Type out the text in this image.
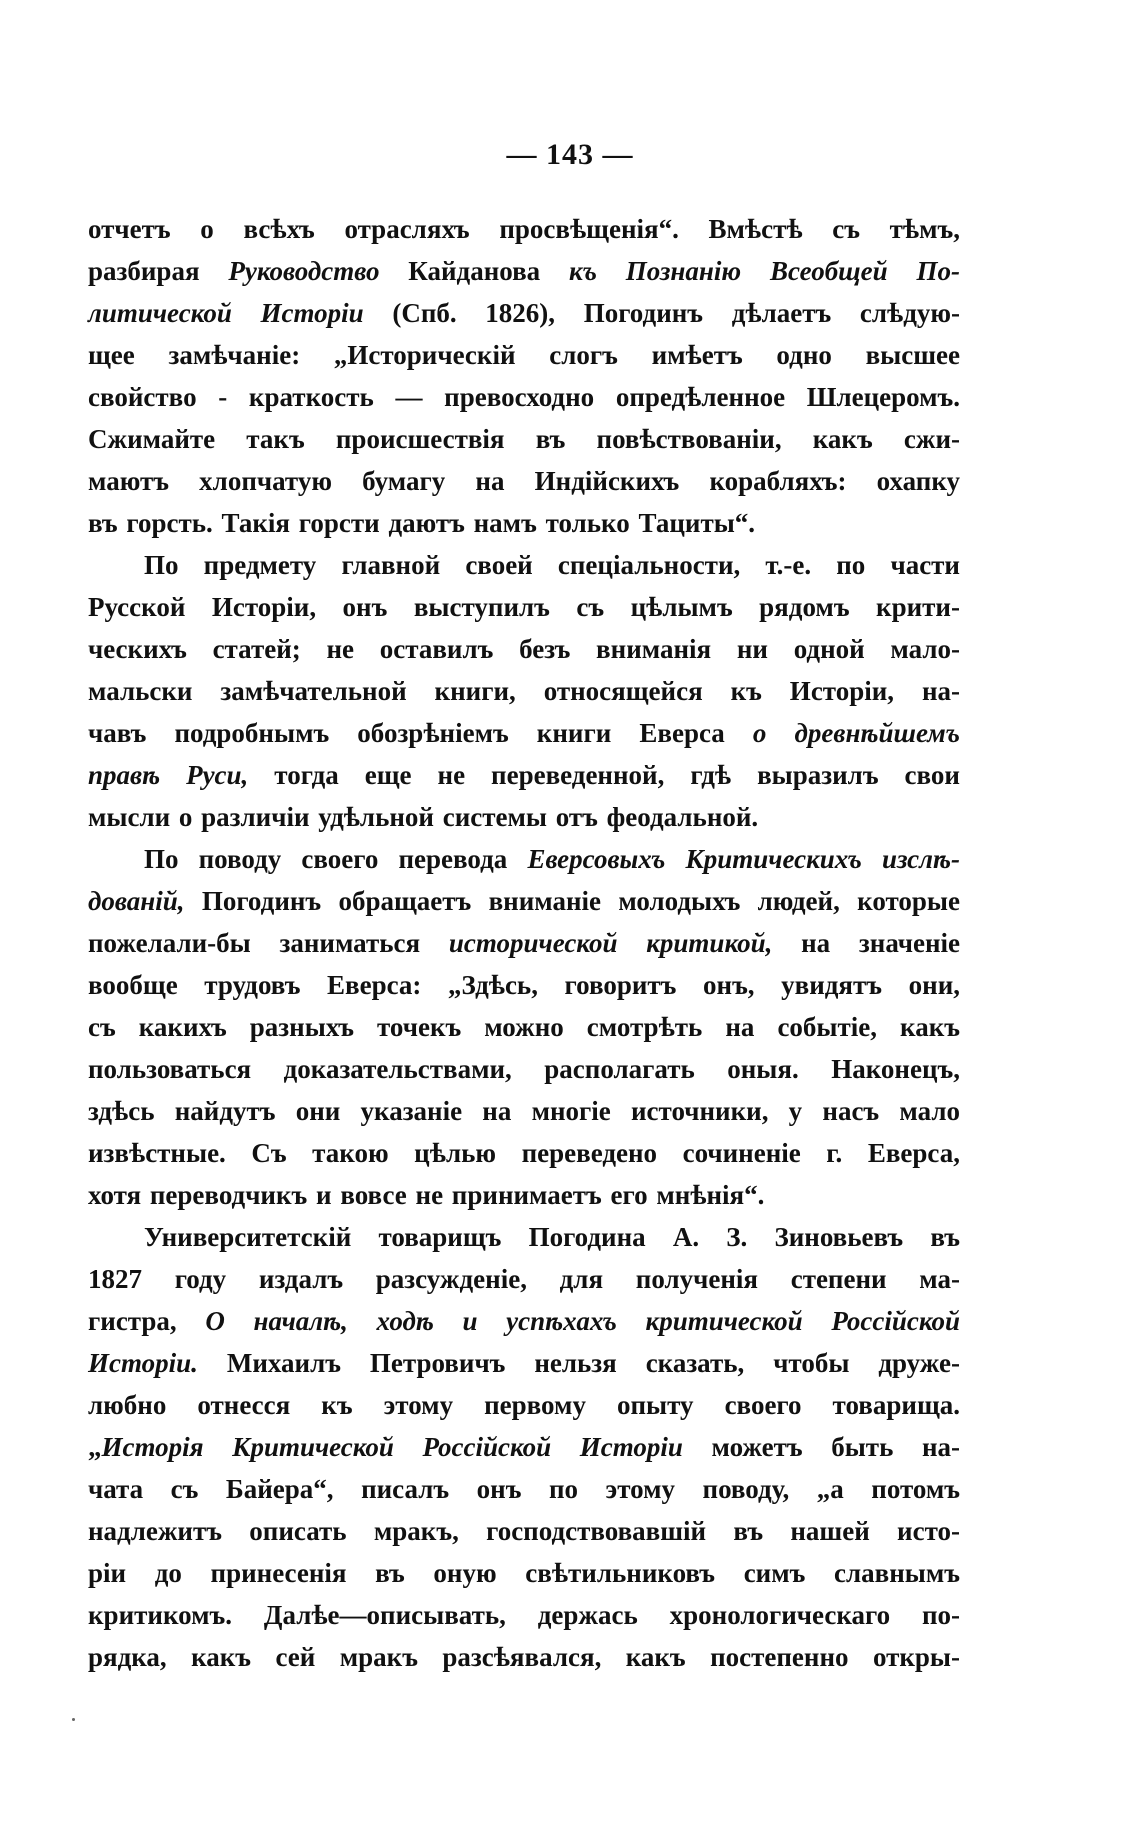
— 143 —
отчетъ о всѣхъ отрасляхъ просвѣщенія“. Вмѣстѣ съ тѣмъ,
разбирая Руководство Кайданова къ Познанію Всеобщей По-
литической Исторіи (Спб. 1826), Погодинъ дѣлаетъ слѣдую-
щее замѣчаніе: „Историческій слогъ имѣетъ одно высшее
свойство - краткость — превосходно опредѣленное Шлецеромъ.
Сжимайте такъ происшествія въ повѣствованіи, какъ сжи-
маютъ хлопчатую бумагу на Индійскихъ корабляхъ: охапку
въ горсть. Такія горсти даютъ намъ только Тациты“.
По предмету главной своей спеціальности, т.-е. по части
Русской Исторіи, онъ выступилъ съ цѣлымъ рядомъ крити-
ческихъ статей; не оставилъ безъ вниманія ни одной мало-
мальски замѣчательной книги, относящейся къ Исторіи, на-
чавъ подробнымъ обозрѣніемъ книги Еверса о древнѣйшемъ
правѣ Руси, тогда еще не переведенной, гдѣ выразилъ свои
мысли о различіи удѣльной системы отъ феодальной.
По поводу своего перевода Еверсовыхъ Критическихъ изслѣ-
дованій, Погодинъ обращаетъ вниманіе молодыхъ людей, которые
пожелали-бы заниматься исторической критикой, на значеніе
вообще трудовъ Еверса: „Здѣсь, говоритъ онъ, увидятъ они,
съ какихъ разныхъ точекъ можно смотрѣть на событіе, какъ
пользоваться доказательствами, располагать оныя. Наконецъ,
здѣсь найдутъ они указаніе на многіе источники, у насъ мало
извѣстные. Съ такою цѣлью переведено сочиненіе г. Еверса,
хотя переводчикъ и вовсе не принимаетъ его мнѣнія“.
Университетскій товарищъ Погодина А. З. Зиновьевъ въ
1827 году издалъ разсужденіе, для полученія степени ма-
гистра, О началѣ, ходѣ и успѣхахъ критической Россійской
Исторіи. Михаилъ Петровичъ нельзя сказать, чтобы друже-
любно отнесся къ этому первому опыту своего товарища.
„Исторія Критической Россійской Исторіи можетъ быть на-
чата съ Байера“, писалъ онъ по этому поводу, „а потомъ
надлежитъ описать мракъ, господствовавшій въ нашей исто-
ріи до принесенія въ оную свѣтильниковъ симъ славнымъ
критикомъ. Далѣе—описывать, держась хронологическаго по-
рядка, какъ сей мракъ разсѣявался, какъ постепенно откры-
